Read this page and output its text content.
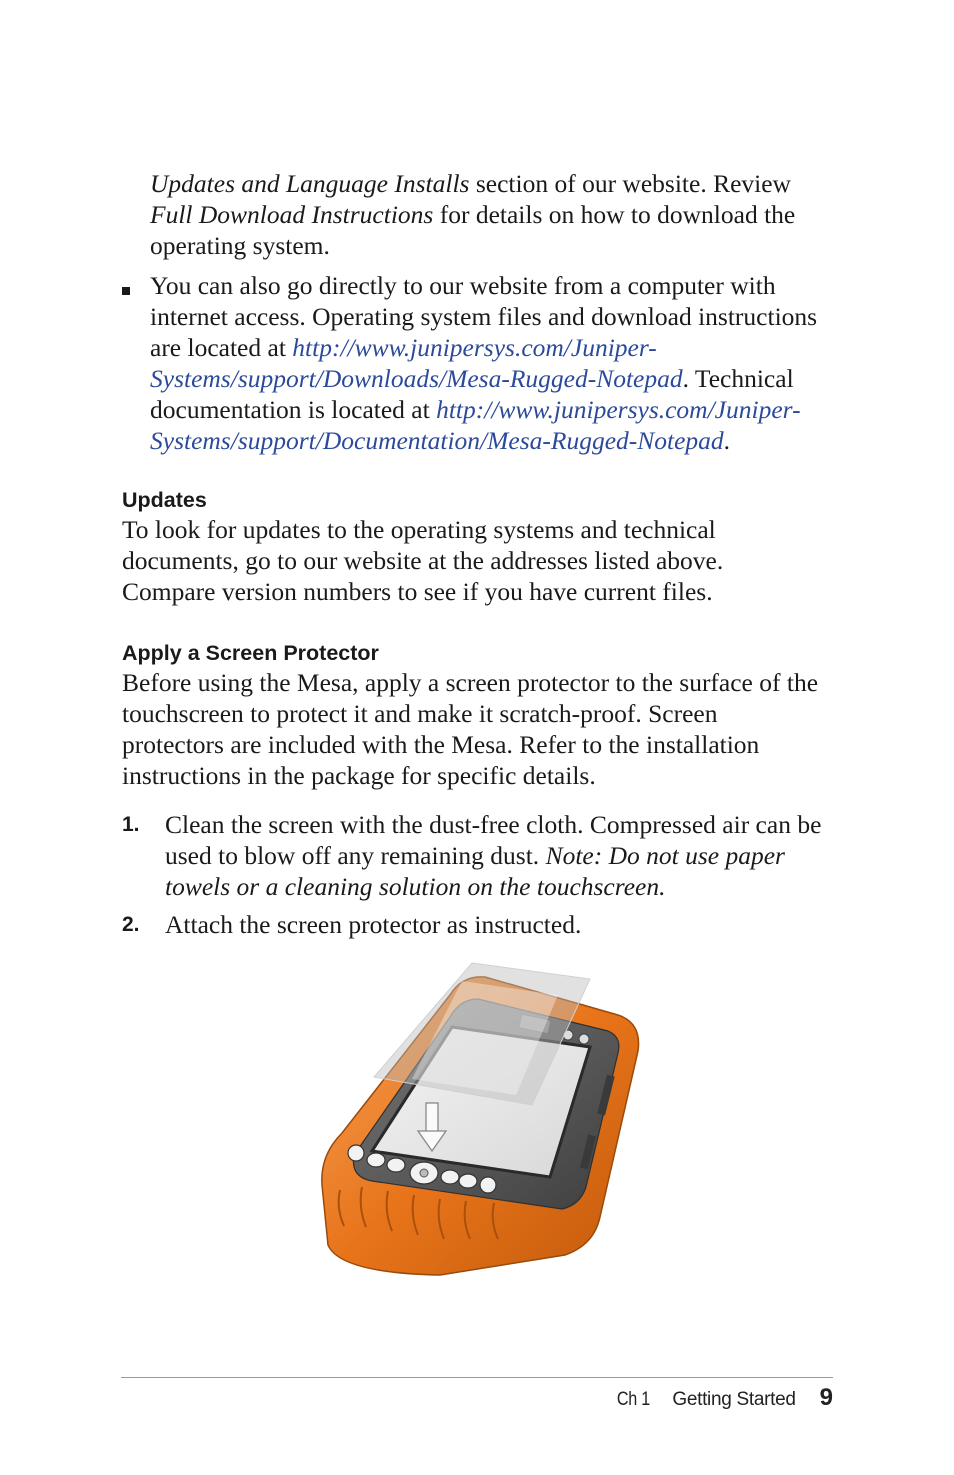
Updates and Language Installs section of our website. Review Full Download Instructions for details on how to download the operating system.

You can also go directly to our website from a computer with internet access. Operating system files and download instructions are located at http://www.junipersys.com/Juniper-Systems/support/Downloads/Mesa-Rugged-Notepad. Technical documentation is located at http://www.junipersys.com/Juniper-Systems/support/Documentation/Mesa-Rugged-Notepad.

Updates

To look for updates to the operating systems and technical documents, go to our website at the addresses listed above. Compare version numbers to see if you have current files.

Apply a Screen Protector

Before using the Mesa, apply a screen protector to the surface of the touchscreen to protect it and make it scratch-proof. Screen protectors are included with the Mesa. Refer to the installation instructions in the package for specific details.

1. Clean the screen with the dust-free cloth. Compressed air can be used to blow off any remaining dust. Note: Do not use paper towels or a cleaning solution on the touchscreen.

2. Attach the screen protector as instructed.

Ch 1 Getting Started 9
